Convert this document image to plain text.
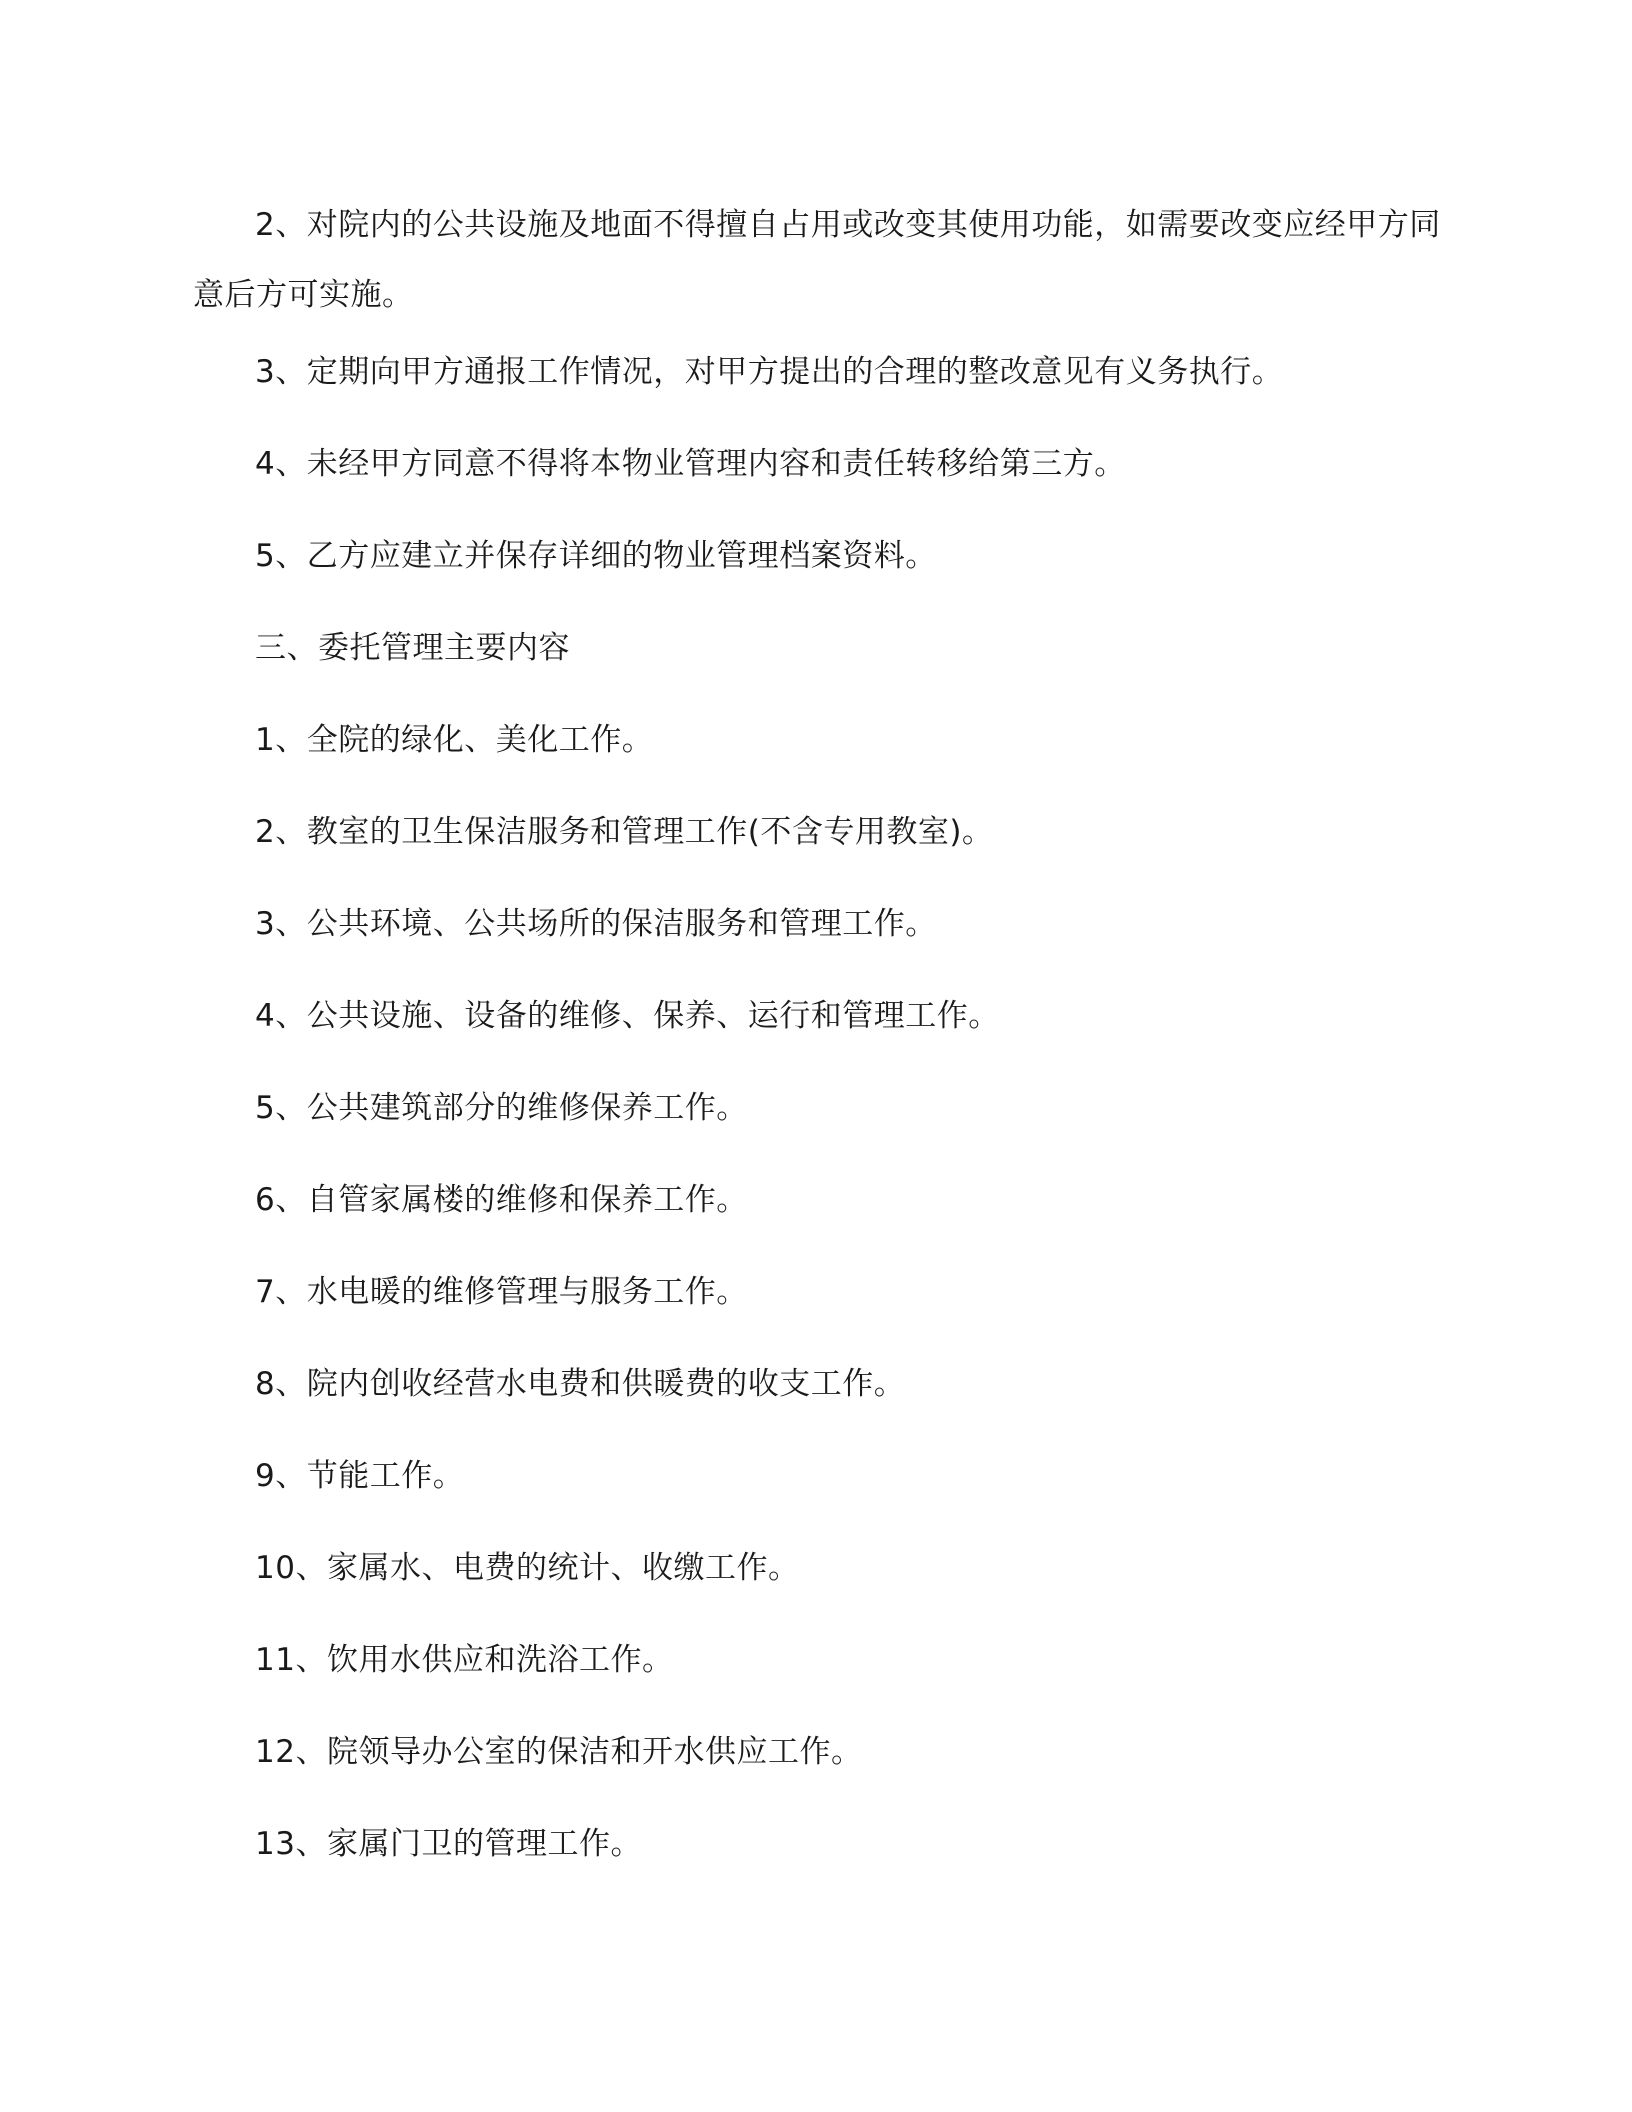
2、对院内的公共设施及地面不得擅自占用或改变其使用功能，如需要改变应经甲方同意后方可实施。

3、定期向甲方通报工作情况，对甲方提出的合理的整改意见有义务执行。

4、未经甲方同意不得将本物业管理内容和责任转移给第三方。

5、乙方应建立并保存详细的物业管理档案资料。

三、委托管理主要内容

1、全院的绿化、美化工作。

2、教室的卫生保洁服务和管理工作(不含专用教室)。

3、公共环境、公共场所的保洁服务和管理工作。

4、公共设施、设备的维修、保养、运行和管理工作。

5、公共建筑部分的维修保养工作。

6、自管家属楼的维修和保养工作。

7、水电暖的维修管理与服务工作。

8、院内创收经营水电费和供暖费的收支工作。

9、节能工作。

10、家属水、电费的统计、收缴工作。

11、饮用水供应和洗浴工作。

12、院领导办公室的保洁和开水供应工作。

13、家属门卫的管理工作。
